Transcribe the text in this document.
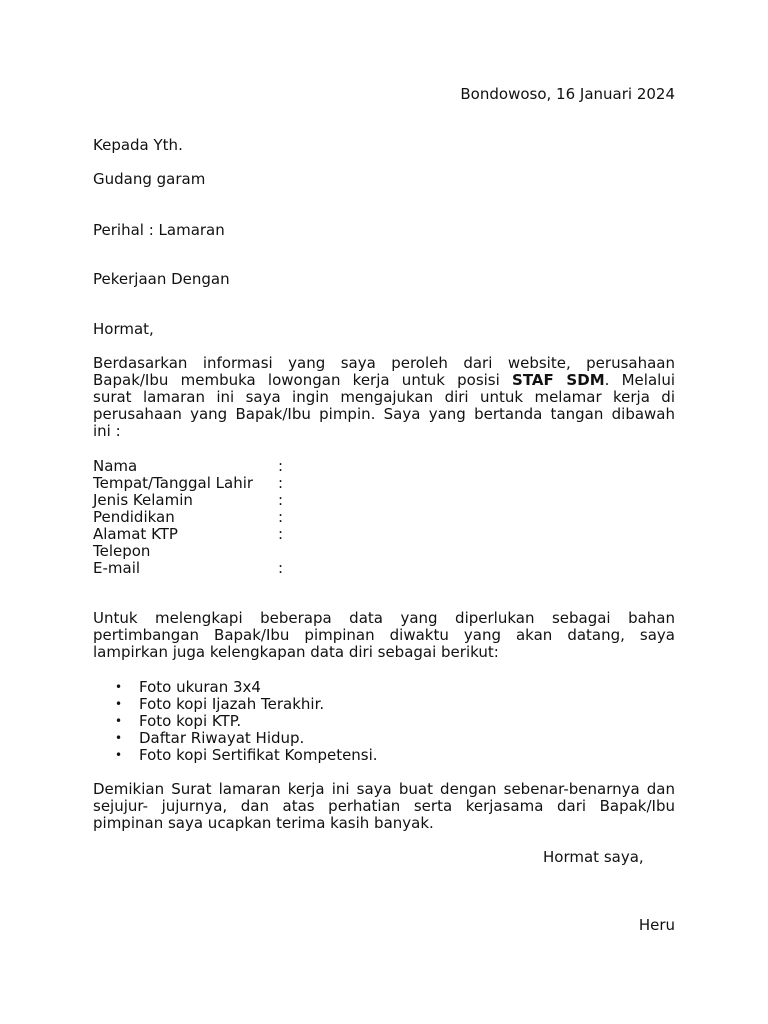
Bondowoso, 16 Januari 2024
Kepada Yth.
Gudang garam
Perihal : Lamaran
Pekerjaan Dengan
Hormat,
Berdasarkan informasi yang saya peroleh dari website, perusahaan
Bapak/Ibu membuka lowongan kerja untuk posisi STAF SDM. Melalui
surat lamaran ini saya ingin mengajukan diri untuk melamar kerja di
perusahaan yang Bapak/Ibu pimpin. Saya yang bertanda tangan dibawah
ini :
Nama	:
Tempat/Tanggal Lahir :
Jenis Kelamin	:
Pendidikan	:
Alamat KTP	:
Telepon
E-mail	:
Untuk melengkapi beberapa data yang diperlukan sebagai bahan
pertimbangan Bapak/Ibu pimpinan diwaktu yang akan datang, saya
lampirkan juga kelengkapan data diri sebagai berikut:
• Foto ukuran 3x4
• Foto kopi Ijazah Terakhir.
• Foto kopi KTP.
• Daftar Riwayat Hidup.
• Foto kopi Sertifikat Kompetensi.
Demikian Surat lamaran kerja ini saya buat dengan sebenar-benarnya dan
sejujur- jujurnya, dan atas perhatian serta kerjasama dari Bapak/Ibu
pimpinan saya ucapkan terima kasih banyak.
Hormat saya,
Heru
